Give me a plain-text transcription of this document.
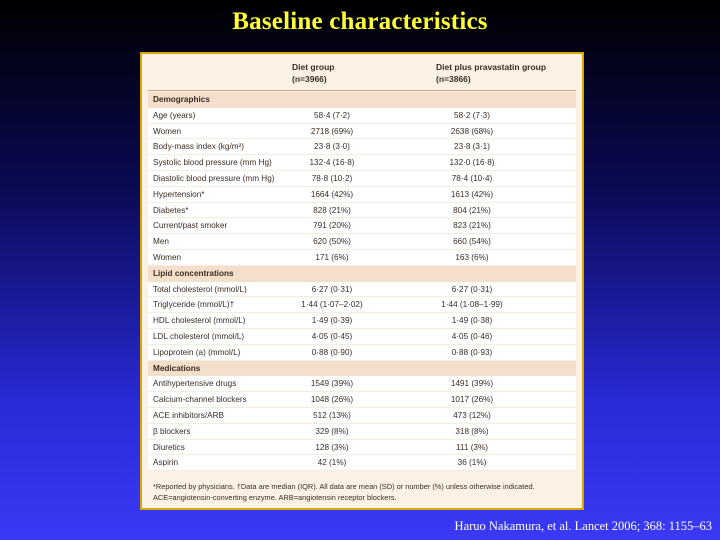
Baseline characteristics
Diet group
(n=3966)
Diet plus pravastatin group
(n=3866)
Demographics
Age (years)	58·4 (7·2)	58·2 (7·3)
Women	2718 (69%)	2638 (68%)
Body-mass index (kg/m²)	23·8 (3·0)	23·8 (3·1)
Systolic blood pressure (mm Hg)	132·4 (16·8)	132·0 (16·8)
Diastolic blood pressure (mm Hg)	78·8 (10·2)	78·4 (10·4)
Hypertension*	1664 (42%)	1613 (42%)
Diabetes*	828 (21%)	804 (21%)
Current/past smoker	791 (20%)	823 (21%)
Men	620 (50%)	660 (54%)
Women	171 (6%)	163 (6%)
Lipid concentrations
Total cholesterol (mmol/L)	6·27 (0·31)	6·27 (0·31)
Triglyceride (mmol/L)†	1·44 (1·07–2·02)	1·44 (1·08–1·99)
HDL cholesterol (mmol/L)	1·49 (0·39)	1·49 (0·38)
LDL cholesterol (mmol/L)	4·05 (0·45)	4·05 (0·46)
Lipoprotein (a) (mmol/L)	0·88 (0·90)	0·88 (0·93)
Medications
Antihypertensive drugs	1549 (39%)	1491 (39%)
Calcium-channel blockers	1048 (26%)	1017 (26%)
ACE inhibitors/ARB	512 (13%)	473 (12%)
β blockers	329 (8%)	318 (8%)
Diuretics	128 (3%)	111 (3%)
Aspirin	42 (1%)	36 (1%)
*Reported by physicians. †Data are median (IQR). All data are mean (SD) or number (%) unless otherwise indicated.
ACE=angiotensin-converting enzyme. ARB=angiotensin receptor blockers.
Haruo Nakamura, et al. Lancet 2006; 368: 1155–63
